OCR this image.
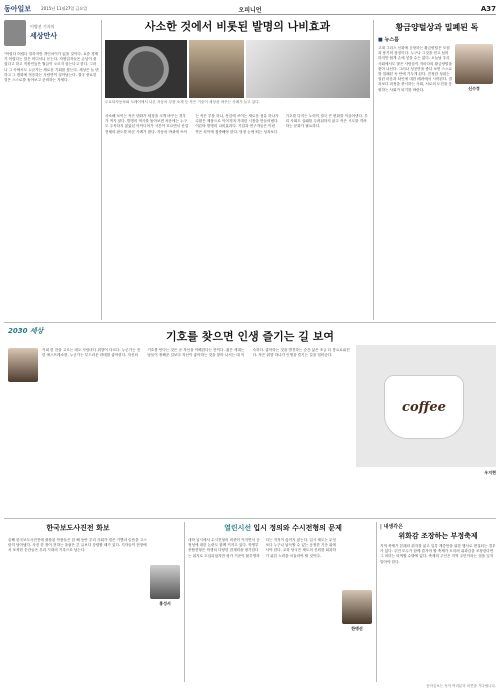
동아일보	2015년 11월27일 금요일	오피니언	A37
이병선 기자의
세상만사
"어렵다 어렵다 말하지만 개인차이가 있을 것이다. 요즘 경제가 어렵다는 말은 어디서나 듣는다. 자영업자들은 손님이 줄었다고 하고 직장인들은 월급이 오르지 않는다고 한다. 그러나 그 속에서도 누군가는 새로운 기회를 찾는다. 세상은 늘 변하고 그 변화에 적응하는 사람만이 살아남는다. 결국 중요한 것은 스스로를 돌아보고 준비하는 자세다.
사소한 것에서 비롯된 발명의 나비효과
도요타자동차와 도레이에서 나온 자동차 부품 소재 등 작은 기술이 세상을 바꾸는 사례가 늘고 있다.
사소해 보이는 작은 변화가 세상을 크게 바꾸는 경우가 적지 않다. 발명의 역사를 돌아보면 처음에는 누구도 주목하지 않았던 아이디어가 시간이 흐르면서 산업 전체의 판도를 바꾼 사례가 많다. 자동차 바퀴에 쓰이는 작은 부품 하나, 옷감에 쓰이는 새로운 섬유 하나가 수많은 제품으로 이어지며 거대한 시장을 만들어냈다. 이른바 발명의 나비효과다. 기업과 연구자들은 이런 작은 차이에 집중해야 한다. 당장 눈에 띄는 성과보다 기초를 다지는 노력이 결국 큰 변화를 이끌어낸다. 우리 사회도 실패를 두려워하지 않고 작은 시도를 격려하는 문화가 필요하다.
황금양털상과 밀폐된 독
■ 뉴스룸
신수정
고대 그리스 신화에 등장하는 황금양털은 모험과 용기의 상징이다. 누구나 그것을 얻고 싶어 하지만 쉽게 손에 넣을 수는 없다. 오늘날 우리 사회에서도 많은 사람들이 저마다의 황금양털을 찾아 나선다. 그러나 성공만을 좇다 보면 스스로를 밀폐된 독 안에 가두게 된다. 진정한 성취는 열린 마음과 타인에 대한 배려에서 시작된다. 결과보다 과정을 중시하는 사회, 서로의 도전을 응원하는 사회가 되기를 바란다.
2030 세상	기호를 찾으면 인생 즐기는 길 보여
커피 한 잔을 고르는 데도 사람마다 취향이 다르다. 누군가는 진한 에스프레소를, 누군가는 부드러운 라테를 좋아한다. 자신의 기호를 안다는 것은 곧 자신을 이해한다는 뜻이다. 젊은 세대는 남들이 정해준 길보다 자신이 좋아하는 것을 찾아 나서는 데 익숙하다. 좋아하는 것을 발견하는 순간 삶은 조금 더 풍요로워진다. 작은 취향 하나가 인생을 즐기는 길을 열어준다.
coffee
우지현
한국보도사진전 화보
올해 한국보도사진전에 출품된 작품들은 한 해 동안 우리 사회가 겪은 기쁨과 슬픔을 고스란히 담아냈다. 사진 한 장이 전하는 울림은 긴 글보다 강렬할 때가 있다. 기자들이 현장에서 포착한 순간들은 우리 시대의 기록으로 남는다.
홍성서
열린시선 입시 정의와 수시전형의 문제
대학 입시에서 수시전형의 비중이 커지면서 공정성에 대한 논란도 함께 커지고 있다. 학생부 종합전형은 학생의 다양한 잠재력을 평가한다는 취지로 도입되었지만 평가 기준이 불투명하다는 지적이 끊이지 않는다. 입시 제도는 무엇보다 누구나 납득할 수 있는 공정한 기준 위에 서야 한다. 교육 당국은 제도의 신뢰를 회복하기 위한 노력을 서둘러야 할 것이다.
한병선
| 내생각은
위화감 조장하는 부정축제
지역 축제가 본래의 취지를 잃고 일부 계층만을 위한 행사로 변질되는 경우가 있다. 주민 모두가 함께 즐겨야 할 축제가 오히려 위화감을 조장한다면 그 의미는 퇴색할 수밖에 없다. 축제의 주인은 지역 주민이라는 점을 잊지 말아야 한다.
동아일보는 독자 여러분의 의견을 기다립니다.
